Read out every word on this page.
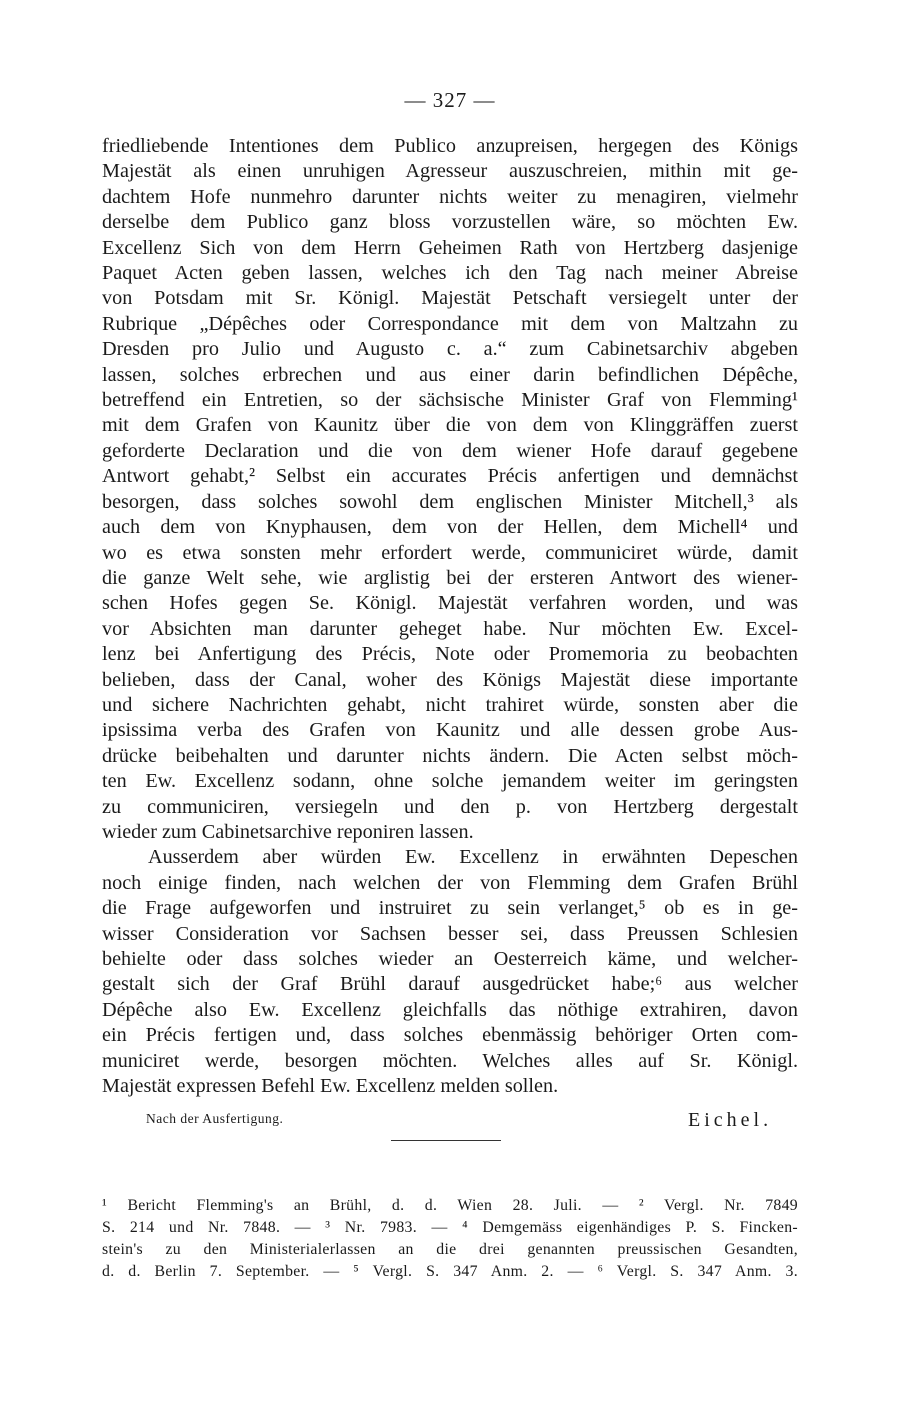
— 327 —
friedliebende Intentiones dem Publico anzupreisen, hergegen des Königs
Majestät als einen unruhigen Agresseur auszuschreien, mithin mit ge-
dachtem Hofe nunmehro darunter nichts weiter zu menagiren, vielmehr
derselbe dem Publico ganz bloss vorzustellen wäre, so möchten Ew.
Excellenz Sich von dem Herrn Geheimen Rath von Hertzberg dasjenige
Paquet Acten geben lassen, welches ich den Tag nach meiner Abreise
von Potsdam mit Sr. Königl. Majestät Petschaft versiegelt unter der
Rubrique „Dépêches oder Correspondance mit dem von Maltzahn zu
Dresden pro Julio und Augusto c. a.“ zum Cabinetsarchiv abgeben
lassen, solches erbrechen und aus einer darin befindlichen Dépêche,
betreffend ein Entretien, so der sächsische Minister Graf von Flemming¹
mit dem Grafen von Kaunitz über die von dem von Klinggräffen zuerst
geforderte Declaration und die von dem wiener Hofe darauf gegebene
Antwort gehabt,² Selbst ein accurates Précis anfertigen und demnächst
besorgen, dass solches sowohl dem englischen Minister Mitchell,³ als
auch dem von Knyphausen, dem von der Hellen, dem Michell⁴ und
wo es etwa sonsten mehr erfordert werde, communiciret würde, damit
die ganze Welt sehe, wie arglistig bei der ersteren Antwort des wiener-
schen Hofes gegen Se. Königl. Majestät verfahren worden, und was
vor Absichten man darunter geheget habe. Nur möchten Ew. Excel-
lenz bei Anfertigung des Précis, Note oder Promemoria zu beobachten
belieben, dass der Canal, woher des Königs Majestät diese importante
und sichere Nachrichten gehabt, nicht trahiret würde, sonsten aber die
ipsissima verba des Grafen von Kaunitz und alle dessen grobe Aus-
drücke beibehalten und darunter nichts ändern. Die Acten selbst möch-
ten Ew. Excellenz sodann, ohne solche jemandem weiter im geringsten
zu communiciren, versiegeln und den p. von Hertzberg dergestalt
wieder zum Cabinetsarchive reponiren lassen.
Ausserdem aber würden Ew. Excellenz in erwähnten Depeschen
noch einige finden, nach welchen der von Flemming dem Grafen Brühl
die Frage aufgeworfen und instruiret zu sein verlanget,⁵ ob es in ge-
wisser Consideration vor Sachsen besser sei, dass Preussen Schlesien
behielte oder dass solches wieder an Oesterreich käme, und welcher-
gestalt sich der Graf Brühl darauf ausgedrücket habe;⁶ aus welcher
Dépêche also Ew. Excellenz gleichfalls das nöthige extrahiren, davon
ein Précis fertigen und, dass solches ebenmässig behöriger Orten com-
municiret werde, besorgen möchten. Welches alles auf Sr. Königl.
Majestät expressen Befehl Ew. Excellenz melden sollen.
Nach der Ausfertigung.	Eichel.
¹ Bericht Flemming's an Brühl, d. d. Wien 28. Juli. — ² Vergl. Nr. 7849
S. 214 und Nr. 7848. — ³ Nr. 7983. — ⁴ Demgemäss eigenhändiges P. S. Fincken-
stein's zu den Ministerialerlassen an die drei genannten preussischen Gesandten,
d. d. Berlin 7. September. — ⁵ Vergl. S. 347 Anm. 2. — ⁶ Vergl. S. 347 Anm. 3.
